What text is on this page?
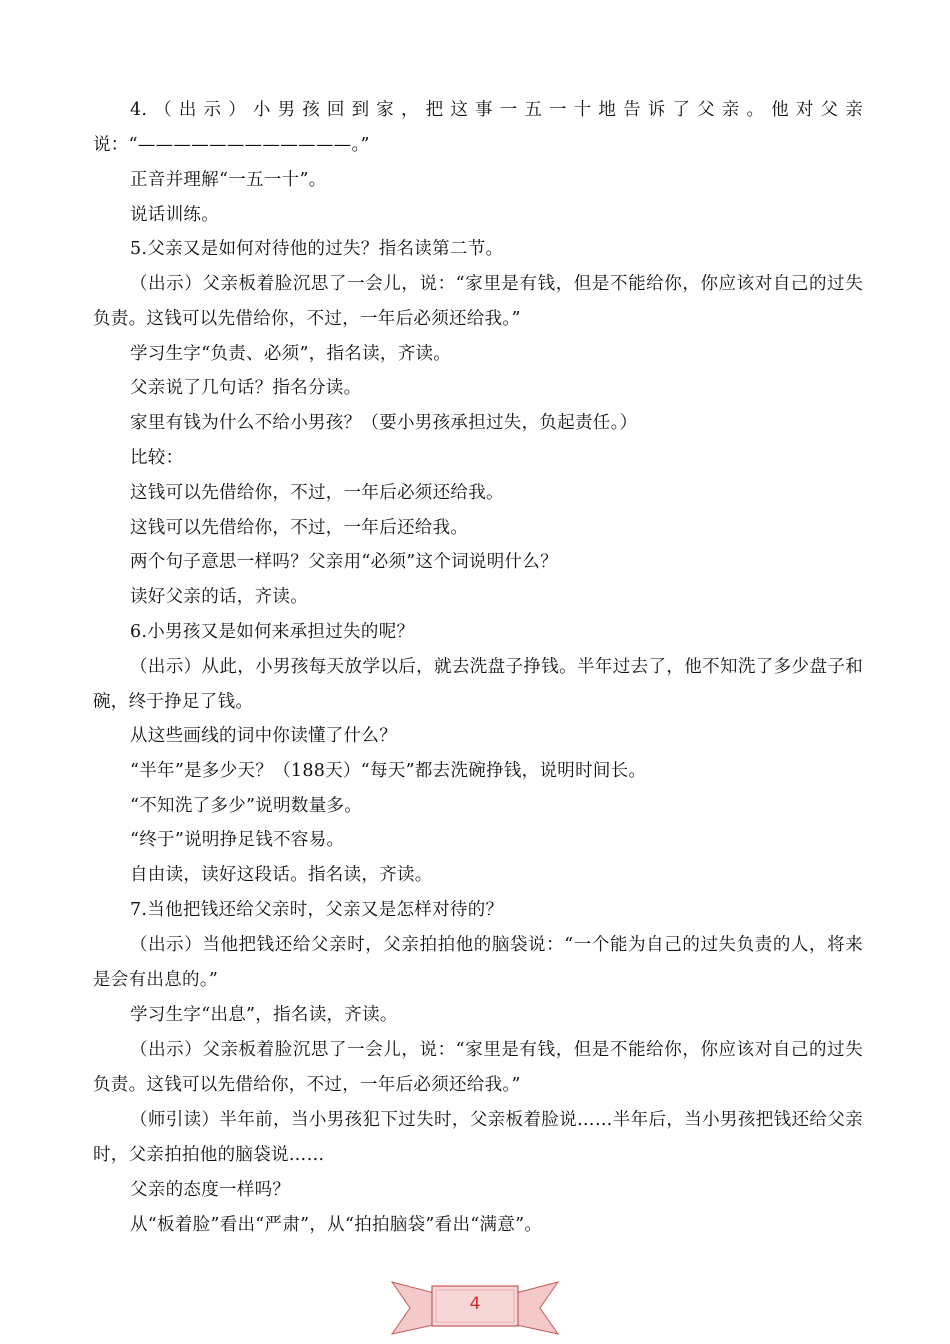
4.（出示）小男孩回到家，把这事一五一十地告诉了父亲。他对父亲说：“————————————。”

正音并理解“一五一十”。

说话训练。

5.父亲又是如何对待他的过失？指名读第二节。

（出示）父亲板着脸沉思了一会儿，说：“家里是有钱，但是不能给你，你应该对自己的过失负责。这钱可以先借给你，不过，一年后必须还给我。”

学习生字“负责、必须”，指名读，齐读。

父亲说了几句话？指名分读。

家里有钱为什么不给小男孩？（要小男孩承担过失，负起责任。）

比较：

这钱可以先借给你，不过，一年后必须还给我。

这钱可以先借给你，不过，一年后还给我。

两个句子意思一样吗？父亲用“必须”这个词说明什么？

读好父亲的话，齐读。

6.小男孩又是如何来承担过失的呢？

（出示）从此，小男孩每天放学以后，就去洗盘子挣钱。半年过去了，他不知洗了多少盘子和碗，终于挣足了钱。

从这些画线的词中你读懂了什么？

“半年”是多少天？（188天）“每天”都去洗碗挣钱，说明时间长。

“不知洗了多少”说明数量多。

“终于”说明挣足钱不容易。

自由读，读好这段话。指名读，齐读。

7.当他把钱还给父亲时，父亲又是怎样对待的？

（出示）当他把钱还给父亲时，父亲拍拍他的脑袋说：“一个能为自己的过失负责的人，将来是会有出息的。”

学习生字“出息”，指名读，齐读。

（出示）父亲板着脸沉思了一会儿，说：“家里是有钱，但是不能给你，你应该对自己的过失负责。这钱可以先借给你，不过，一年后必须还给我。”

（师引读）半年前，当小男孩犯下过失时，父亲板着脸说……半年后，当小男孩把钱还给父亲时，父亲拍拍他的脑袋说……

父亲的态度一样吗？

从“板着脸”看出“严肃”，从“拍拍脑袋”看出“满意”。

4
